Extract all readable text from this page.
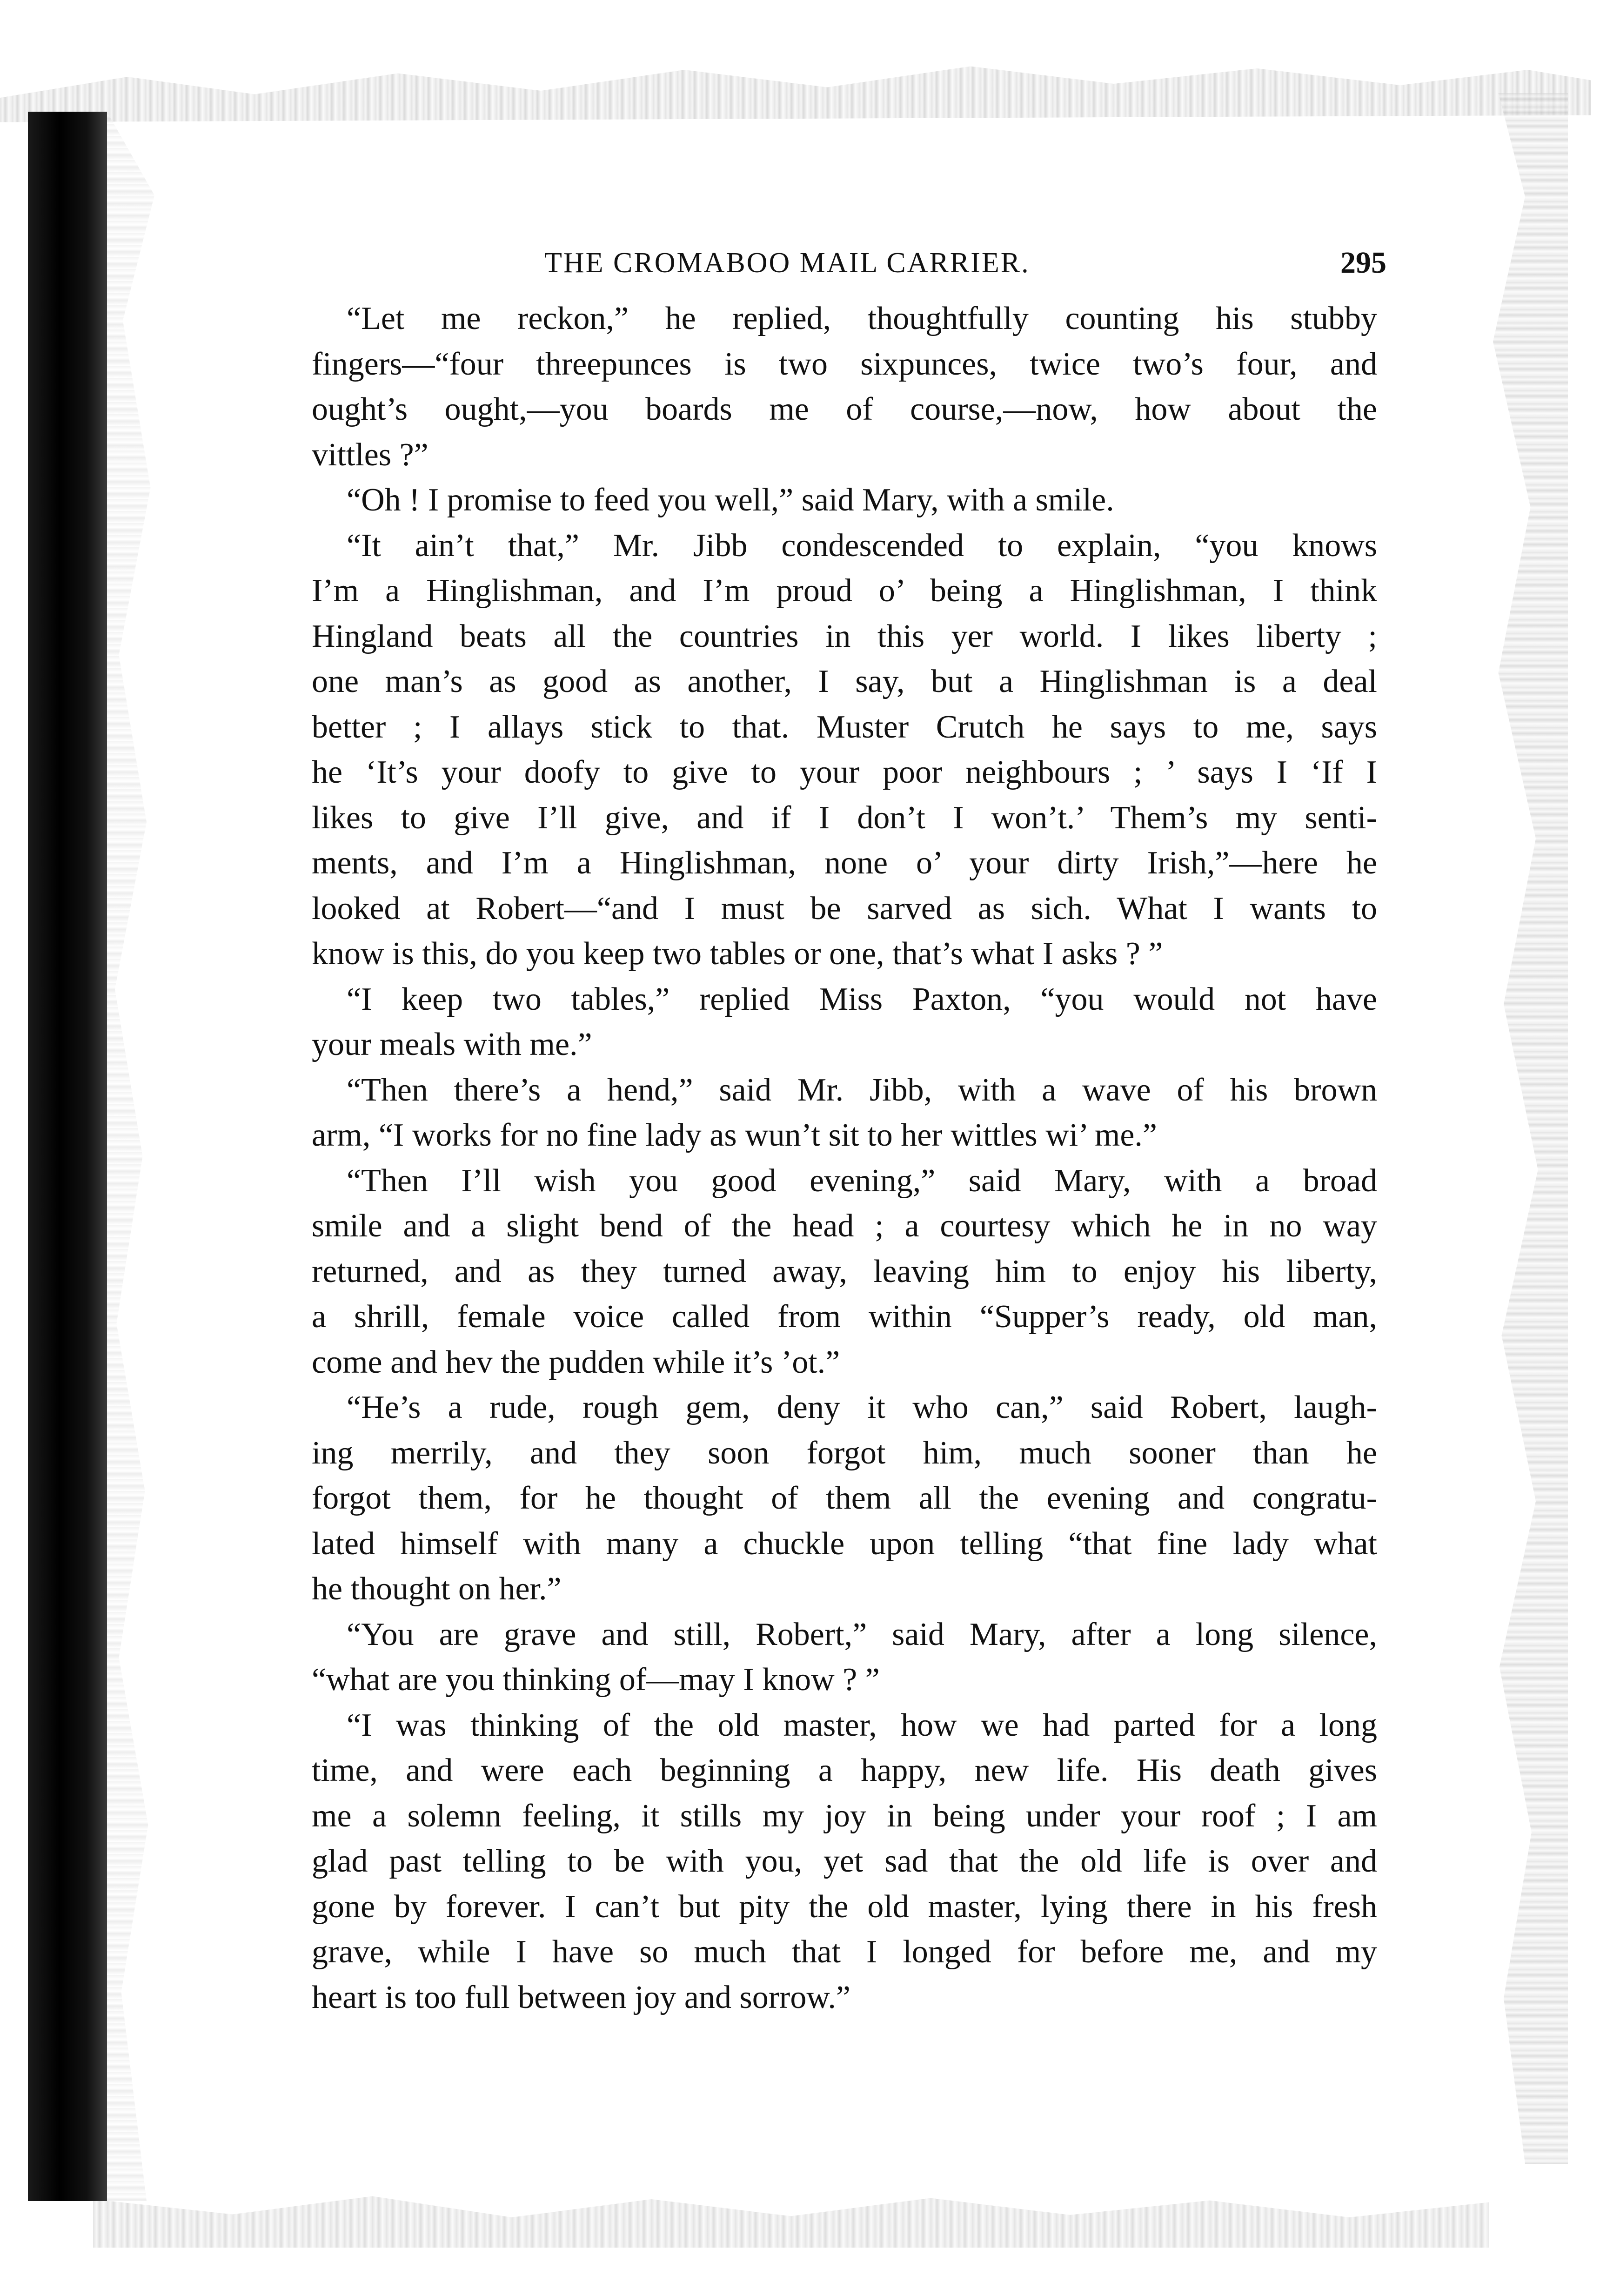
THE CROMABOO MAIL CARRIER.	295
“Let me reckon,” he replied, thoughtfully counting his stubby
fingers—“four threepunces is two sixpunces, twice two’s four, and
ought’s ought,—you boards me of course,—now, how about the
vittles ?”
“Oh ! I promise to feed you well,” said Mary, with a smile.
“It ain’t that,” Mr. Jibb condescended to explain, “you knows
I’m a Hinglishman, and I’m proud o’ being a Hinglishman, I think
Hingland beats all the countries in this yer world. I likes liberty ;
one man’s as good as another, I say, but a Hinglishman is a deal
better ; I allays stick to that. Muster Crutch he says to me, says
he ‘It’s your doofy to give to your poor neighbours ; ’ says I ‘If I
likes to give I’ll give, and if I don’t I won’t.’ Them’s my senti-
ments, and I’m a Hinglishman, none o’ your dirty Irish,”—here he
looked at Robert—“and I must be sarved as sich. What I wants to
know is this, do you keep two tables or one, that’s what I asks ? ”
“I keep two tables,” replied Miss Paxton, “you would not have
your meals with me.”
“Then there’s a hend,” said Mr. Jibb, with a wave of his brown
arm, “I works for no fine lady as wun’t sit to her wittles wi’ me.”
“Then I’ll wish you good evening,” said Mary, with a broad
smile and a slight bend of the head ; a courtesy which he in no way
returned, and as they turned away, leaving him to enjoy his liberty,
a shrill, female voice called from within “Supper’s ready, old man,
come and hev the pudden while it’s ’ot.”
“He’s a rude, rough gem, deny it who can,” said Robert, laugh-
ing merrily, and they soon forgot him, much sooner than he
forgot them, for he thought of them all the evening and congratu-
lated himself with many a chuckle upon telling “that fine lady what
he thought on her.”
“You are grave and still, Robert,” said Mary, after a long silence,
“what are you thinking of—may I know ? ”
“I was thinking of the old master, how we had parted for a long
time, and were each beginning a happy, new life. His death gives
me a solemn feeling, it stills my joy in being under your roof ; I am
glad past telling to be with you, yet sad that the old life is over and
gone by forever. I can’t but pity the old master, lying there in his fresh
grave, while I have so much that I longed for before me, and my
heart is too full between joy and sorrow.”
